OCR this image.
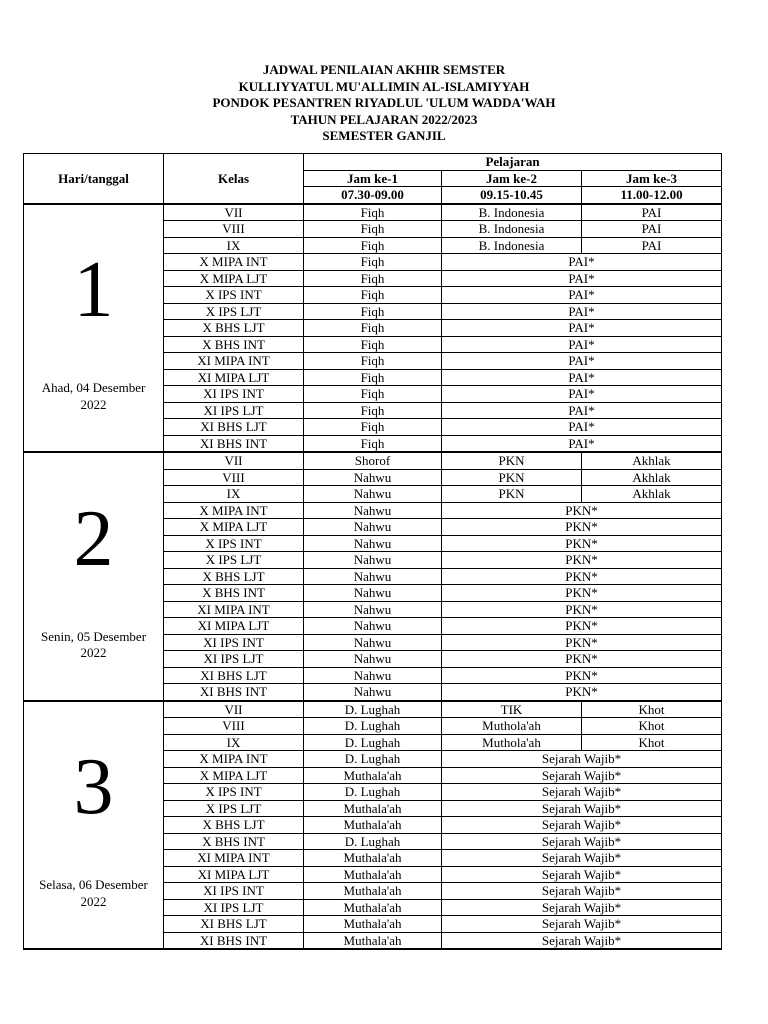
JADWAL PENILAIAN AKHIR SEMSTER
KULLIYYATUL MU'ALLIMIN AL-ISLAMIYYAH
PONDOK PESANTREN RIYADLUL 'ULUM WADDA'WAH
TAHUN PELAJARAN 2022/2023
SEMESTER GANJIL
Hari/tanggal	Kelas	Pelajaran		
		Jam ke-1	Jam ke-2	Jam ke-3
		07.30-09.00	09.15-10.45	11.00-12.00

1
Ahad, 04 Desember
2022	VII	Fiqh	B. Indonesia	PAI
	VIII	Fiqh	B. Indonesia	PAI
	IX	Fiqh	B. Indonesia	PAI
	X MIPA INT	Fiqh	PAI*	
	X MIPA LJT	Fiqh	PAI*	
	X IPS INT	Fiqh	PAI*	
	X IPS LJT	Fiqh	PAI*	
	X BHS LJT	Fiqh	PAI*	
	X BHS INT	Fiqh	PAI*	
	XI MIPA INT	Fiqh	PAI*	
	XI MIPA LJT	Fiqh	PAI*	
	XI IPS INT	Fiqh	PAI*	
	XI IPS LJT	Fiqh	PAI*	
	XI BHS LJT	Fiqh	PAI*	
	XI BHS INT	Fiqh	PAI*	

2
Senin, 05 Desember
2022	VII	Shorof	PKN	Akhlak
	VIII	Nahwu	PKN	Akhlak
	IX	Nahwu	PKN	Akhlak
	X MIPA INT	Nahwu	PKN*	
	X MIPA LJT	Nahwu	PKN*	
	X IPS INT	Nahwu	PKN*	
	X IPS LJT	Nahwu	PKN*	
	X BHS LJT	Nahwu	PKN*	
	X BHS INT	Nahwu	PKN*	
	XI MIPA INT	Nahwu	PKN*	
	XI MIPA LJT	Nahwu	PKN*	
	XI IPS INT	Nahwu	PKN*	
	XI IPS LJT	Nahwu	PKN*	
	XI BHS LJT	Nahwu	PKN*	
	XI BHS INT	Nahwu	PKN*	

3
Selasa, 06 Desember
2022	VII	D. Lughah	TIK	Khot
	VIII	D. Lughah	Muthola'ah	Khot
	IX	D. Lughah	Muthola'ah	Khot
	X MIPA INT	D. Lughah	Sejarah Wajib*	
	X MIPA LJT	Muthala'ah	Sejarah Wajib*	
	X IPS INT	D. Lughah	Sejarah Wajib*	
	X IPS LJT	Muthala'ah	Sejarah Wajib*	
	X BHS LJT	Muthala'ah	Sejarah Wajib*	
	X BHS INT	D. Lughah	Sejarah Wajib*	
	XI MIPA INT	Muthala'ah	Sejarah Wajib*	
	XI MIPA LJT	Muthala'ah	Sejarah Wajib*	
	XI IPS INT	Muthala'ah	Sejarah Wajib*	
	XI IPS LJT	Muthala'ah	Sejarah Wajib*	
	XI BHS LJT	Muthala'ah	Sejarah Wajib*	
	XI BHS INT	Muthala'ah	Sejarah Wajib*	
